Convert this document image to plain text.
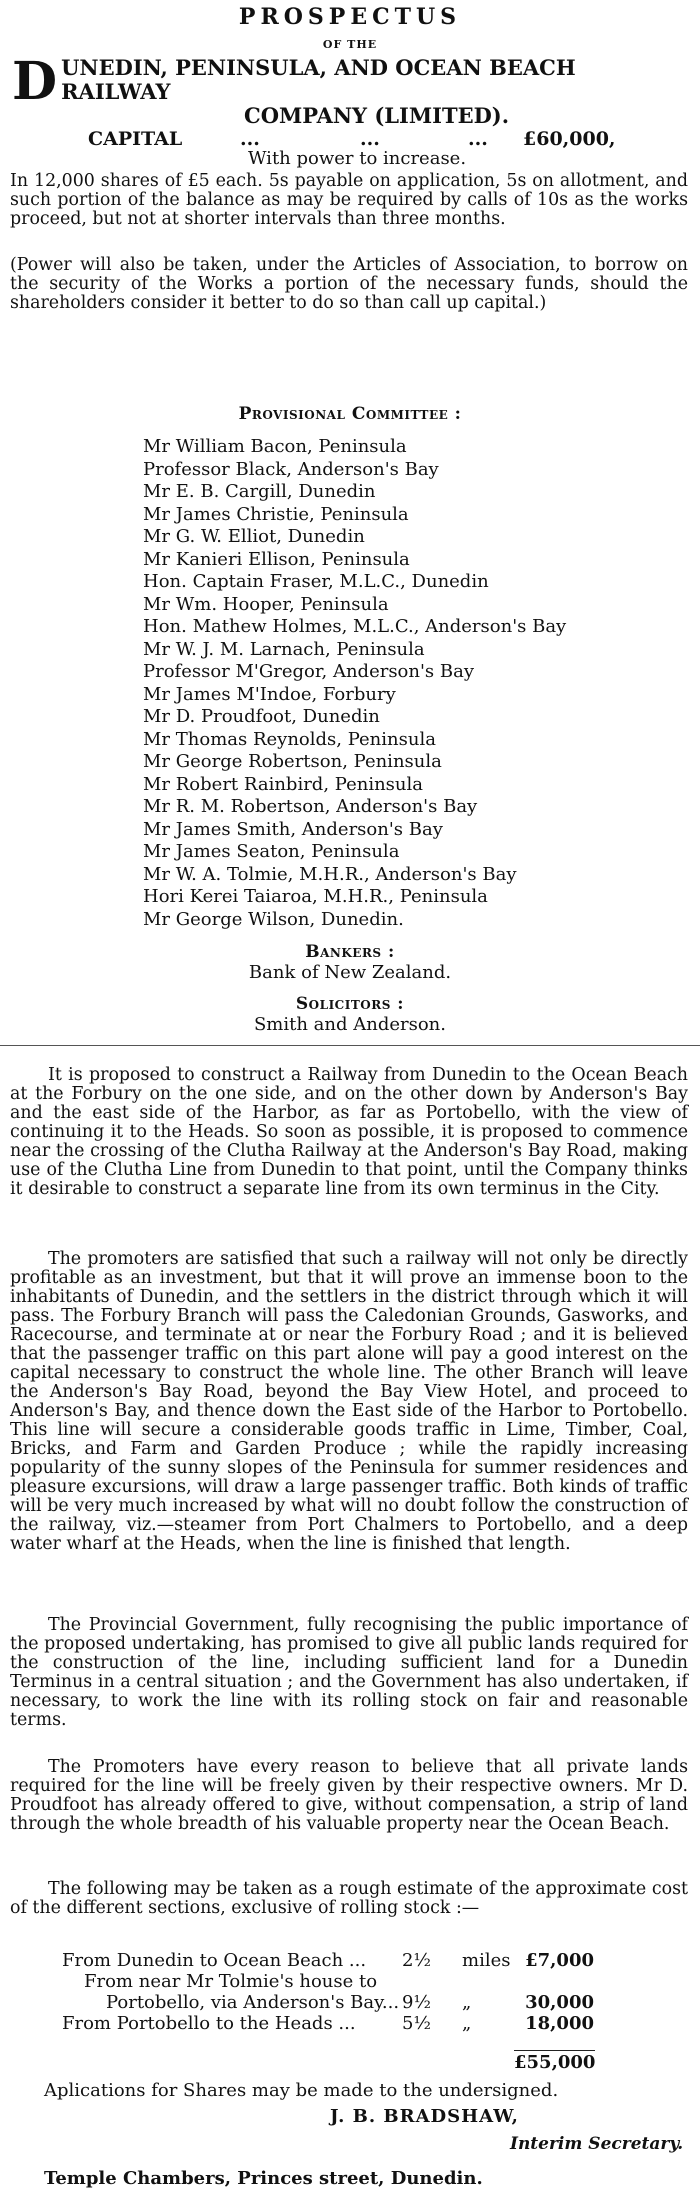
PROSPECTUS
OF THE
D UNEDIN, PENINSULA, AND OCEAN BEACH RAILWAY
COMPANY (LIMITED).
CAPITAL	...	...	... £60,000,
With power to increase.
In 12,000 shares of £5 each. 5s payable on application, 5s on allotment, and such portion of the balance as may be required by calls of 10s as the works proceed, but not at shorter intervals than three months.
(Power will also be taken, under the Articles of Association, to borrow on the security of the Works a portion of the necessary funds, should the shareholders consider it better to do so than call up capital.)
Provisional Committee :
Mr William Bacon, Peninsula
Professor Black, Anderson's Bay
Mr E. B. Cargill, Dunedin
Mr James Christie, Peninsula
Mr G. W. Elliot, Dunedin
Mr Kanieri Ellison, Peninsula
Hon. Captain Fraser, M.L.C., Dunedin
Mr Wm. Hooper, Peninsula
Hon. Mathew Holmes, M.L.C., Anderson's Bay
Mr W. J. M. Larnach, Peninsula
Professor M'Gregor, Anderson's Bay
Mr James M'Indoe, Forbury
Mr D. Proudfoot, Dunedin
Mr Thomas Reynolds, Peninsula
Mr George Robertson, Peninsula
Mr Robert Rainbird, Peninsula
Mr R. M. Robertson, Anderson's Bay
Mr James Smith, Anderson's Bay
Mr James Seaton, Peninsula
Mr W. A. Tolmie, M.H.R., Anderson's Bay
Hori Kerei Taiaroa, M.H.R., Peninsula
Mr George Wilson, Dunedin.
Bankers :
Bank of New Zealand.
Solicitors :
Smith and Anderson.
It is proposed to construct a Railway from Dunedin to the Ocean Beach at the Forbury on the one side, and on the other down by Anderson's Bay and the east side of the Harbor, as far as Portobello, with the view of continuing it to the Heads. So soon as possible, it is proposed to commence near the crossing of the Clutha Railway at the Anderson's Bay Road, making use of the Clutha Line from Dunedin to that point, until the Company thinks it desirable to construct a separate line from its own terminus in the City.
The promoters are satisfied that such a railway will not only be directly profitable as an investment, but that it will prove an immense boon to the inhabitants of Dunedin, and the settlers in the district through which it will pass. The Forbury Branch will pass the Caledonian Grounds, Gasworks, and Racecourse, and terminate at or near the Forbury Road ; and it is believed that the passenger traffic on this part alone will pay a good interest on the capital necessary to construct the whole line. The other Branch will leave the Anderson's Bay Road, beyond the Bay View Hotel, and proceed to Anderson's Bay, and thence down the East side of the Harbor to Portobello. This line will secure a considerable goods traffic in Lime, Timber, Coal, Bricks, and Farm and Garden Produce ; while the rapidly increasing popularity of the sunny slopes of the Peninsula for summer residences and pleasure excursions, will draw a large passenger traffic. Both kinds of traffic will be very much increased by what will no doubt follow the construction of the railway, viz.—steamer from Port Chalmers to Portobello, and a deep water wharf at the Heads, when the line is finished that length.
The Provincial Government, fully recognising the public importance of the proposed undertaking, has promised to give all public lands required for the construction of the line, including sufficient land for a Dunedin Terminus in a central situation ; and the Government has also undertaken, if necessary, to work the line with its rolling stock on fair and reasonable terms.
The Promoters have every reason to believe that all private lands required for the line will be freely given by their respective owners. Mr D. Proudfoot has already offered to give, without compensation, a strip of land through the whole breadth of his valuable property near the Ocean Beach.
The following may be taken as a rough estimate of the approximate cost of the different sections, exclusive of rolling stock :—
From Dunedin to Ocean Beach ... 2½ miles £7,000
From near Mr Tolmie's house to
Portobello, via Anderson's Bay... 9½ „	30,000
From Portobello to the Heads ...	5½ „	18,000
£55,000
Aplications for Shares may be made to the undersigned.
J. B. BRADSHAW,
Interim Secretary.
Temple Chambers, Princes street, Dunedin.
